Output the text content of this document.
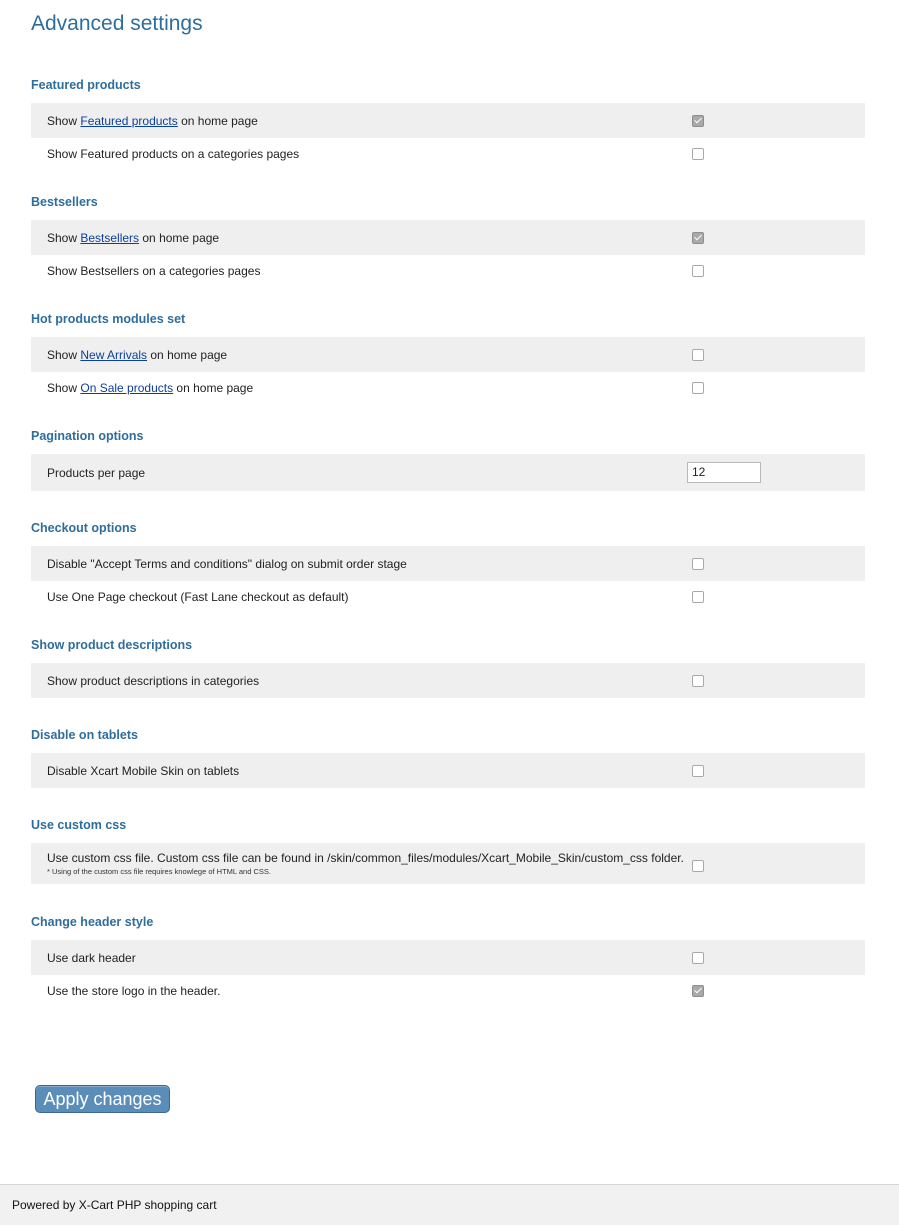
Advanced settings
Featured products
Show Featured products on home page
Show Featured products on a categories pages
Bestsellers
Show Bestsellers on home page
Show Bestsellers on a categories pages
Hot products modules set
Show New Arrivals on home page
Show On Sale products on home page
Pagination options
Products per page
12
Checkout options
Disable "Accept Terms and conditions" dialog on submit order stage
Use One Page checkout (Fast Lane checkout as default)
Show product descriptions
Show product descriptions in categories
Disable on tablets
Disable Xcart Mobile Skin on tablets
Use custom css
Use custom css file. Custom css file can be found in /skin/common_files/modules/Xcart_Mobile_Skin/custom_css folder.
* Using of the custom css file requires knowlege of HTML and CSS.
Change header style
Use dark header
Use the store logo in the header.
Apply changes
Powered by X-Cart PHP shopping cart
